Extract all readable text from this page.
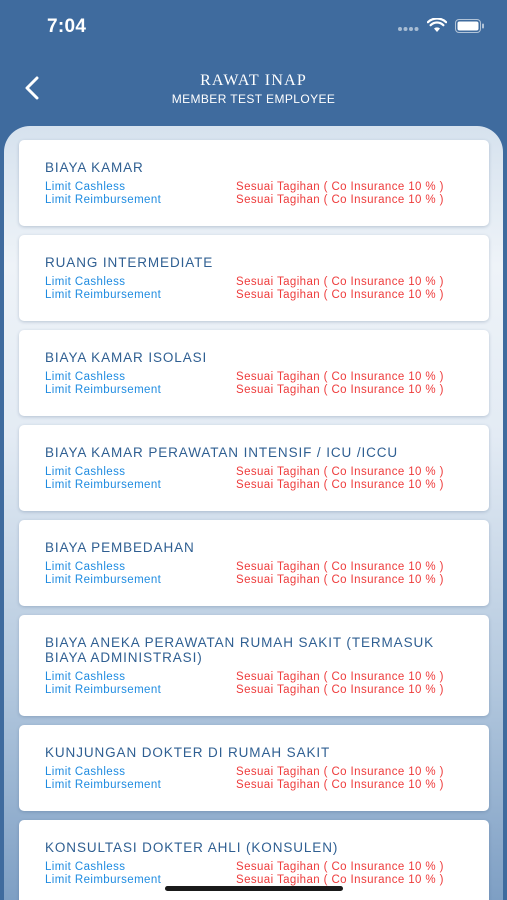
7:04
RAWAT INAP
MEMBER TEST EMPLOYEE
BIAYA KAMAR
Limit Cashless	Sesuai Tagihan ( Co Insurance 10 % )
Limit Reimbursement	Sesuai Tagihan ( Co Insurance 10 % )
RUANG INTERMEDIATE
Limit Cashless	Sesuai Tagihan ( Co Insurance 10 % )
Limit Reimbursement	Sesuai Tagihan ( Co Insurance 10 % )
BIAYA KAMAR ISOLASI
Limit Cashless	Sesuai Tagihan ( Co Insurance 10 % )
Limit Reimbursement	Sesuai Tagihan ( Co Insurance 10 % )
BIAYA KAMAR PERAWATAN INTENSIF / ICU /ICCU
Limit Cashless	Sesuai Tagihan ( Co Insurance 10 % )
Limit Reimbursement	Sesuai Tagihan ( Co Insurance 10 % )
BIAYA PEMBEDAHAN
Limit Cashless	Sesuai Tagihan ( Co Insurance 10 % )
Limit Reimbursement	Sesuai Tagihan ( Co Insurance 10 % )
BIAYA ANEKA PERAWATAN RUMAH SAKIT (TERMASUK BIAYA ADMINISTRASI)
Limit Cashless	Sesuai Tagihan ( Co Insurance 10 % )
Limit Reimbursement	Sesuai Tagihan ( Co Insurance 10 % )
KUNJUNGAN DOKTER DI RUMAH SAKIT
Limit Cashless	Sesuai Tagihan ( Co Insurance 10 % )
Limit Reimbursement	Sesuai Tagihan ( Co Insurance 10 % )
KONSULTASI DOKTER AHLI (KONSULEN)
Limit Cashless	Sesuai Tagihan ( Co Insurance 10 % )
Limit Reimbursement	Sesuai Tagihan ( Co Insurance 10 % )
